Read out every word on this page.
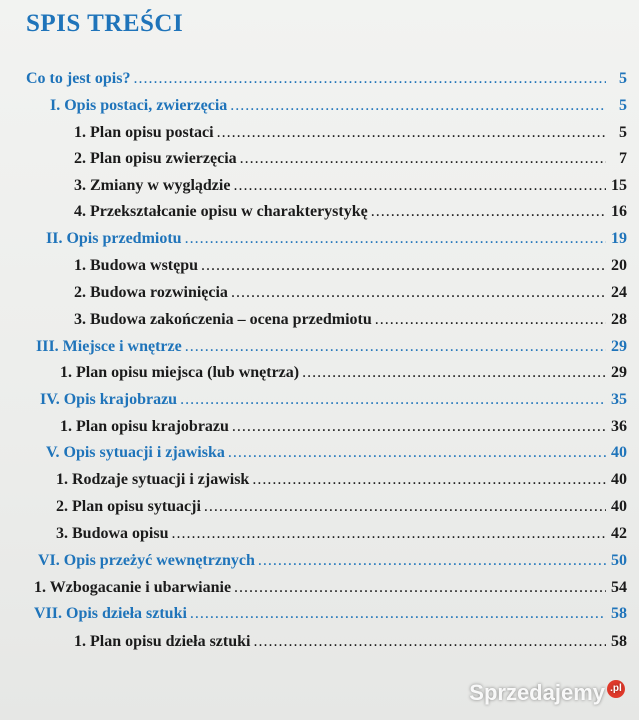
SPIS TREŚCI
Co to jest opis? .....	5
I. Opis postaci, zwierzęcia .....	5
1. Plan opisu postaci .....	5
2. Plan opisu zwierzęcia .....	7
3. Zmiany w wyglądzie .....	15
4. Przekształcanie opisu w charakterystykę .....	16
II. Opis przedmiotu .....	19
1. Budowa wstępu .....	20
2. Budowa rozwinięcia .....	24
3. Budowa zakończenia – ocena przedmiotu .....	28
III. Miejsce i wnętrze .....	29
1. Plan opisu miejsca (lub wnętrza) .....	29
IV. Opis krajobrazu .....	35
1. Plan opisu krajobrazu .....	36
V. Opis sytuacji i zjawiska .....	40
1. Rodzaje sytuacji i zjawisk .....	40
2. Plan opisu sytuacji .....	40
3. Budowa opisu .....	42
VI. Opis przeżyć wewnętrznych .....	50
1. Wzbogacanie i ubarwianie .....	54
VII. Opis dzieła sztuki .....	58
1. Plan opisu dzieła sztuki .....	58
Sprzedajemy .pl
